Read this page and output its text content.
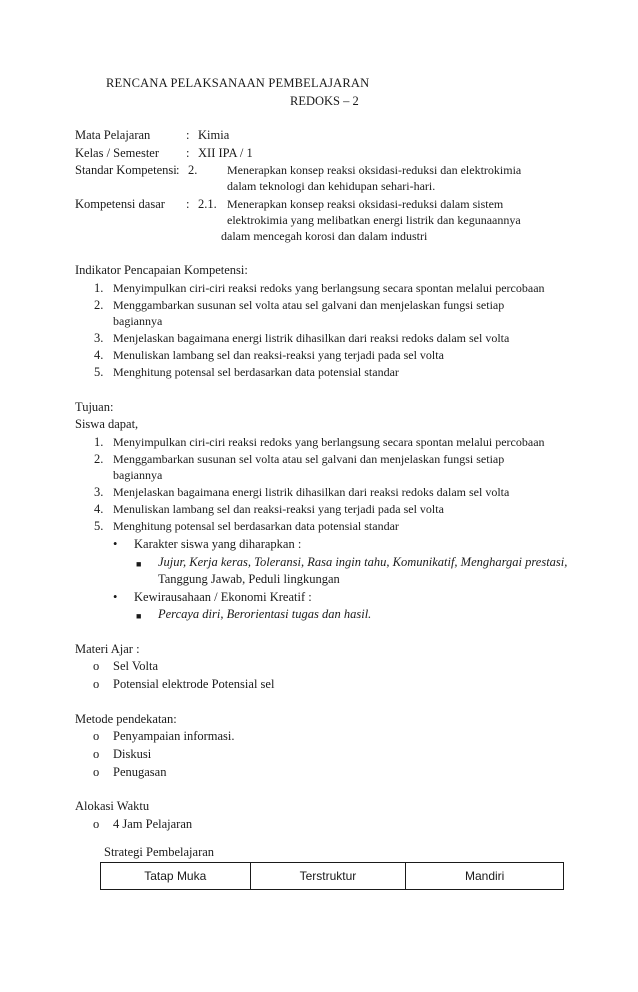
RENCANA PELAKSANAAN PEMBELAJARAN
REDOKS – 2
Mata Pelajaran	: Kimia
Kelas / Semester : XII IPA / 1
Standar Kompetensi : 2. Menerapkan konsep reaksi oksidasi-reduksi dan elektrokimia
dalam teknologi dan kehidupan sehari-hari.
Kompetensi dasar : 2.1. Menerapkan konsep reaksi oksidasi-reduksi dalam sistem
elektrokimia yang melibatkan energi listrik dan kegunaannya
dalam mencegah korosi dan dalam industri
Indikator Pencapaian Kompetensi:
1. Menyimpulkan ciri-ciri reaksi redoks yang berlangsung secara spontan melalui percobaan
2. Menggambarkan susunan sel volta atau sel galvani dan menjelaskan fungsi setiap
bagiannya
3. Menjelaskan bagaimana energi listrik dihasilkan dari reaksi redoks dalam sel volta
4. Menuliskan lambang sel dan reaksi-reaksi yang terjadi pada sel volta
5. Menghitung potensal sel berdasarkan data potensial standar
Tujuan:
Siswa dapat,
1. Menyimpulkan ciri-ciri reaksi redoks yang berlangsung secara spontan melalui percobaan
2. Menggambarkan susunan sel volta atau sel galvani dan menjelaskan fungsi setiap
bagiannya
3. Menjelaskan bagaimana energi listrik dihasilkan dari reaksi redoks dalam sel volta
4. Menuliskan lambang sel dan reaksi-reaksi yang terjadi pada sel volta
5. Menghitung potensal sel berdasarkan data potensial standar
• Karakter siswa yang diharapkan :
■ Jujur, Kerja keras, Toleransi, Rasa ingin tahu, Komunikatif, Menghargai prestasi,
Tanggung Jawab, Peduli lingkungan
• Kewirausahaan / Ekonomi Kreatif :
■ Percaya diri, Berorientasi tugas dan hasil.
Materi Ajar :
o Sel Volta
o Potensial elektrode Potensial sel
Metode pendekatan:
o Penyampaian informasi.
o Diskusi
o Penugasan
Alokasi Waktu
o 4 Jam Pelajaran
Strategi Pembelajaran
Tatap Muka	Terstruktur	Mandiri
